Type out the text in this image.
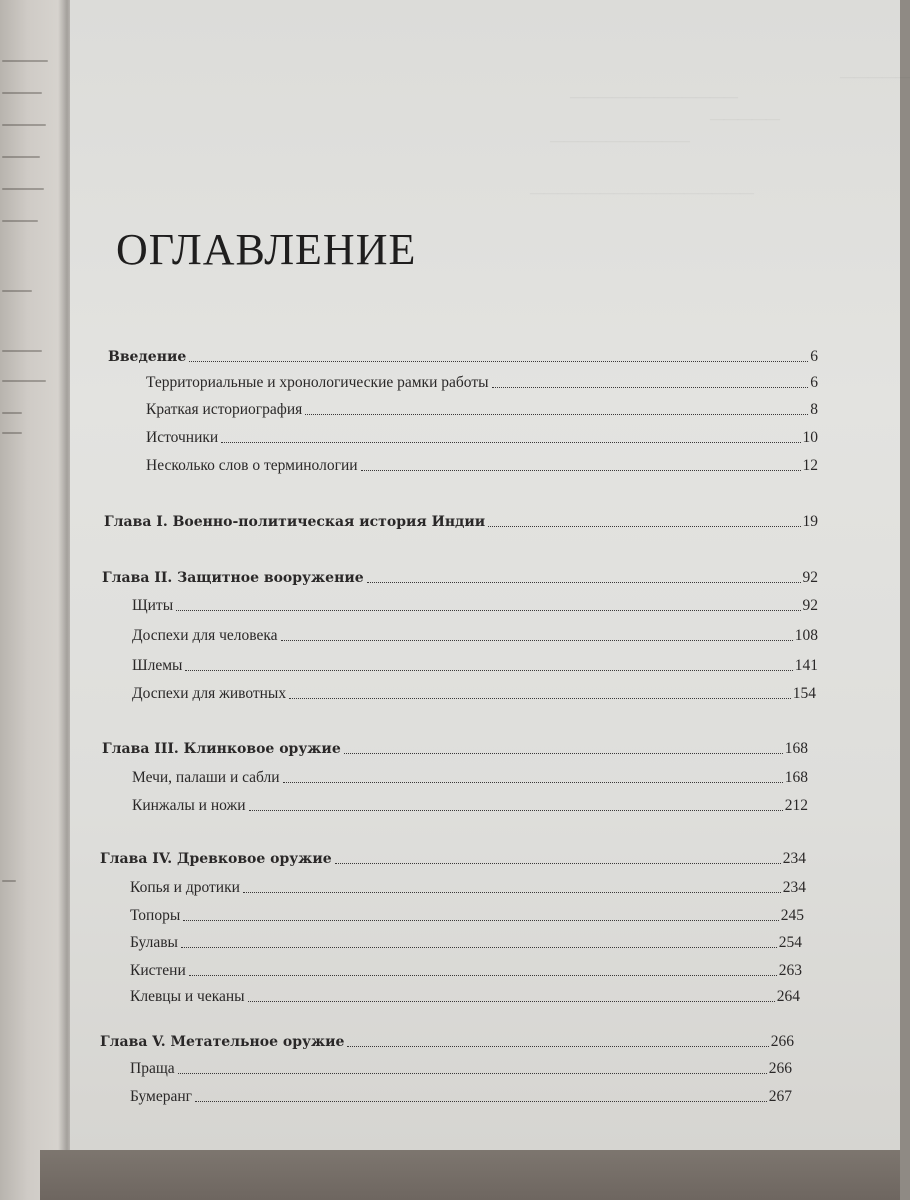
—————
————————————
—————
——————————
————————————————
ОГЛАВЛЕНИЕ
Введение	6
Территориальные и хронологические рамки работы	6
Краткая историография	8
Источники	10
Несколько слов о терминологии	12
Глава I. Военно-политическая история Индии	19
Глава II. Защитное вооружение	92
Щиты	92
Доспехи для человека	108
Шлемы	141
Доспехи для животных	154
Глава III. Клинковое оружие	168
Мечи, палаши и сабли	168
Кинжалы и ножи	212
Глава IV. Древковое оружие	234
Копья и дротики	234
Топоры	245
Булавы	254
Кистени	263
Клевцы и чеканы	264
Глава V. Метательное оружие	266
Праща	266
Бумеранг	267
